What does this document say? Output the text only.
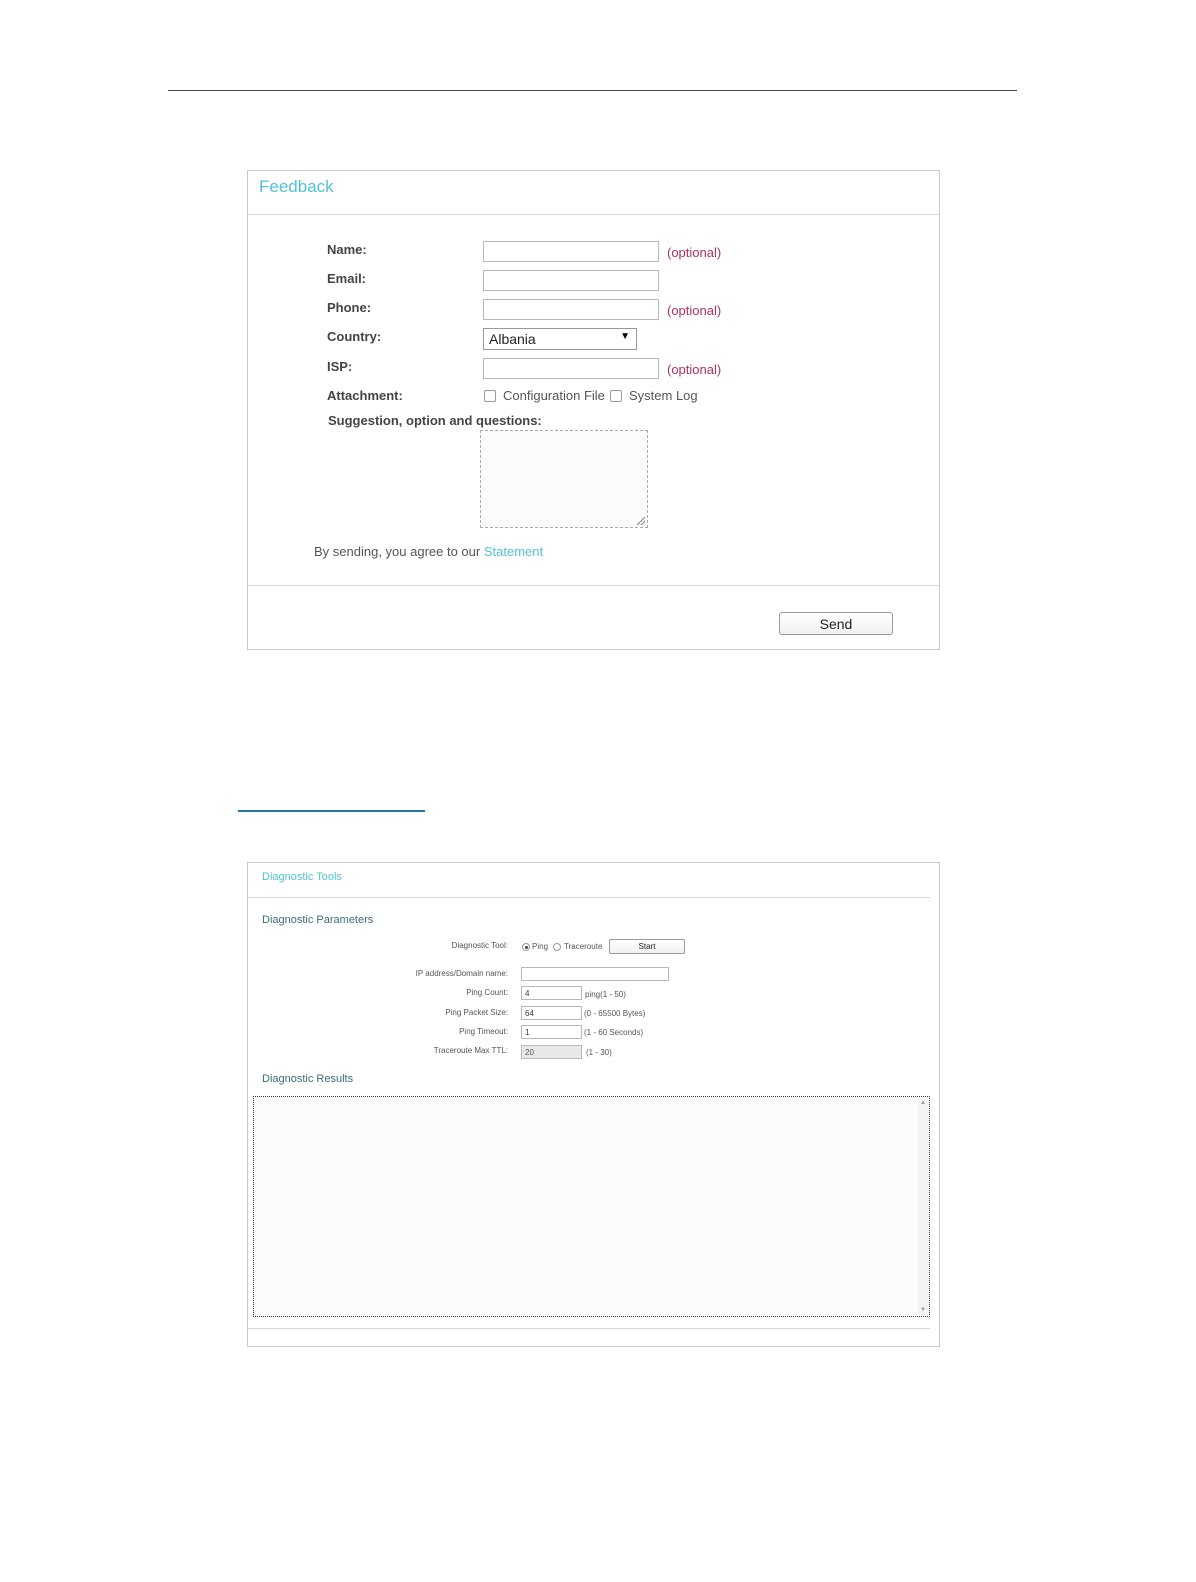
Feedback
Name:	(optional)
Email:
Phone:	(optional)
Country:	Albania	▼
ISP:	(optional)
Attachment:	Configuration File System Log
Suggestion, option and questions:
By sending, you agree to our Statement
Send
Diagnostic Tools
Diagnostic Parameters
Diagnostic Tool:	Ping Traceroute	Start
IP address/Domain name:
Ping Count:	4	ping(1 - 50)
Ping Packet Size:	64	(0 - 65500 Bytes)
Ping Timeout:	1	(1 - 60 Seconds)
Traceroute Max TTL:	20	(1 - 30)
Diagnostic Results
▲
▼
